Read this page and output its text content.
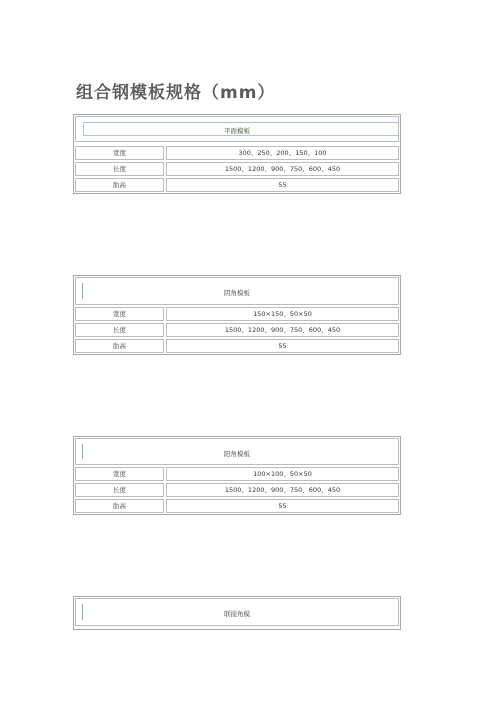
组合钢模板规格（mm）
平面模板
宽度	300、250、200、150、100
长度	1500、1200、900、750、600、450
肋高	55
阴角模板
宽度	150×150、50×50
长度	1500、1200、900、750、600、450
肋高	55
阳角模板
宽度	100×100、50×50
长度	1500、1200、900、750、600、450
肋高	55
联接角模
